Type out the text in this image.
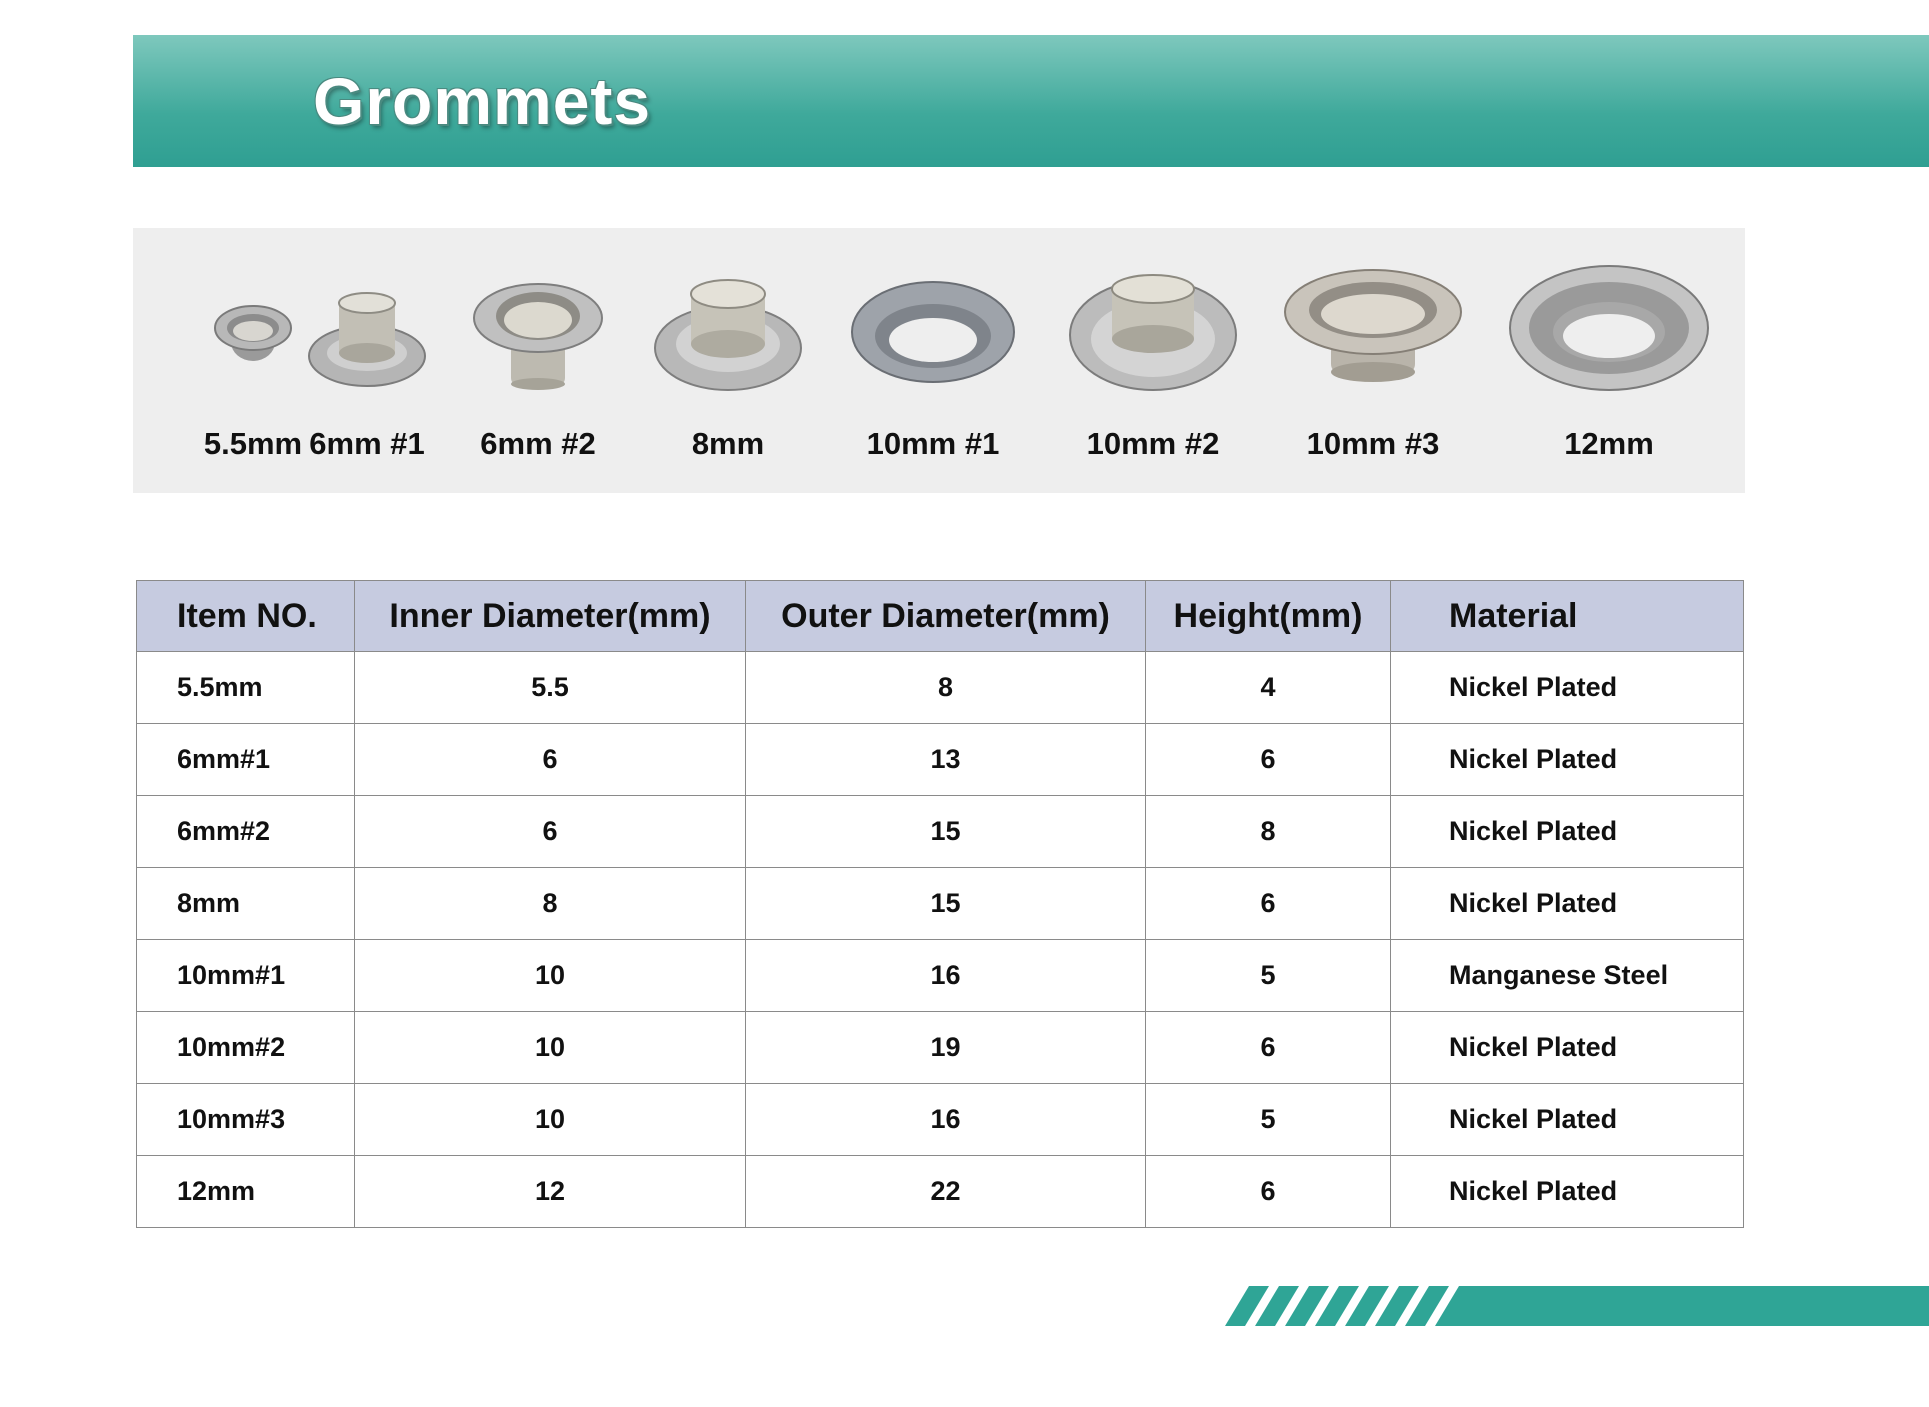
Grommets
5.5mm 6mm #1 6mm #2	8mm	10mm #1	10mm #2	10mm #3	12mm
Item NO.	Inner Diameter(mm)	Outer Diameter(mm)	Height(mm)	Material
5.5mm	5.5	8	4	Nickel Plated
6mm#1	6	13	6	Nickel Plated
6mm#2	6	15	8	Nickel Plated
8mm	8	15	6	Nickel Plated
10mm#1	10	16	5	Manganese Steel
10mm#2	10	19	6	Nickel Plated
10mm#3	10	16	5	Nickel Plated
12mm	12	22	6	Nickel Plated
